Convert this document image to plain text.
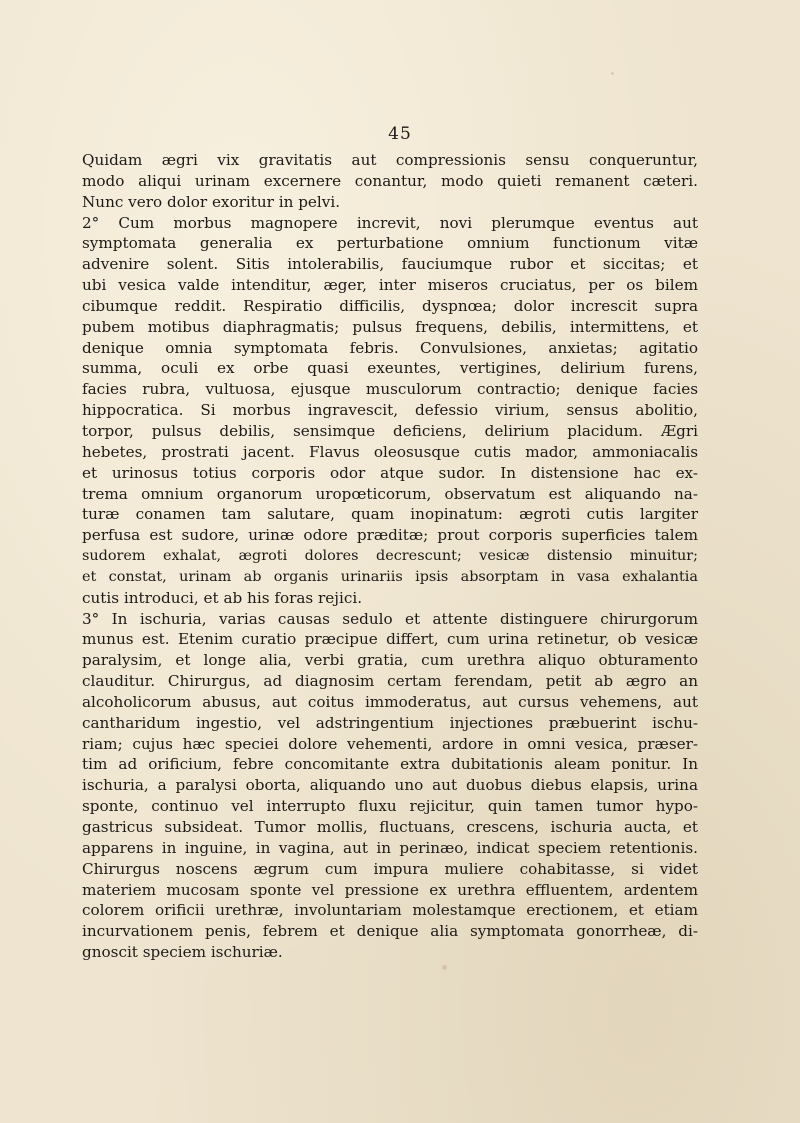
45
Quidam ægri vix gravitatis aut compressionis sensu conqueruntur,
modo aliqui urinam excernere conantur, modo quieti remanent cæteri.
Nunc vero dolor exoritur in pelvi.
2° Cum morbus magnopere increvit, novi plerumque eventus aut
symptomata generalia ex perturbatione omnium functionum vitæ
advenire solent. Sitis intolerabilis, fauciumque rubor et siccitas; et
ubi vesica valde intenditur, æger, inter miseros cruciatus, per os bilem
cibumque reddit. Respiratio difficilis, dyspnœa; dolor increscit supra
pubem motibus diaphragmatis; pulsus frequens, debilis, intermittens, et
denique omnia symptomata febris. Convulsiones, anxietas; agitatio
summa, oculi ex orbe quasi exeuntes, vertigines, delirium furens,
facies rubra, vultuosa, ejusque musculorum contractio; denique facies
hippocratica. Si morbus ingravescit, defessio virium, sensus abolitio,
torpor, pulsus debilis, sensimque deficiens, delirium placidum. Ægri
hebetes, prostrati jacent. Flavus oleosusque cutis mador, ammoniacalis
et urinosus totius corporis odor atque sudor. In distensione hac ex-
trema omnium organorum uropœticorum, observatum est aliquando na-
turæ conamen tam salutare, quam inopinatum: ægroti cutis largiter
perfusa est sudore, urinæ odore præditæ; prout corporis superficies talem
sudorem exhalat, ægroti dolores decrescunt; vesicæ distensio minuitur;
et constat, urinam ab organis urinariis ipsis absorptam in vasa exhalantia
cutis introduci, et ab his foras rejici.
3° In ischuria, varias causas sedulo et attente distinguere chirurgorum
munus est. Etenim curatio præcipue differt, cum urina retinetur, ob vesicæ
paralysim, et longe alia, verbi gratia, cum urethra aliquo obturamento
clauditur. Chirurgus, ad diagnosim certam ferendam, petit ab ægro an
alcoholicorum abusus, aut coitus immoderatus, aut cursus vehemens, aut
cantharidum ingestio, vel adstringentium injectiones præbuerint ischu-
riam; cujus hæc speciei dolore vehementi, ardore in omni vesica, præser-
tim ad orificium, febre concomitante extra dubitationis aleam ponitur. In
ischuria, a paralysi oborta, aliquando uno aut duobus diebus elapsis, urina
sponte, continuo vel interrupto fluxu rejicitur, quin tamen tumor hypo-
gastricus subsideat. Tumor mollis, fluctuans, crescens, ischuria aucta, et
apparens in inguine, in vagina, aut in perinæo, indicat speciem retentionis.
Chirurgus noscens ægrum cum impura muliere cohabitasse, si videt
materiem mucosam sponte vel pressione ex urethra effluentem, ardentem
colorem orificii urethræ, involuntariam molestamque erectionem, et etiam
incurvationem penis, febrem et denique alia symptomata gonorrheæ, di-
gnoscit speciem ischuriæ.
